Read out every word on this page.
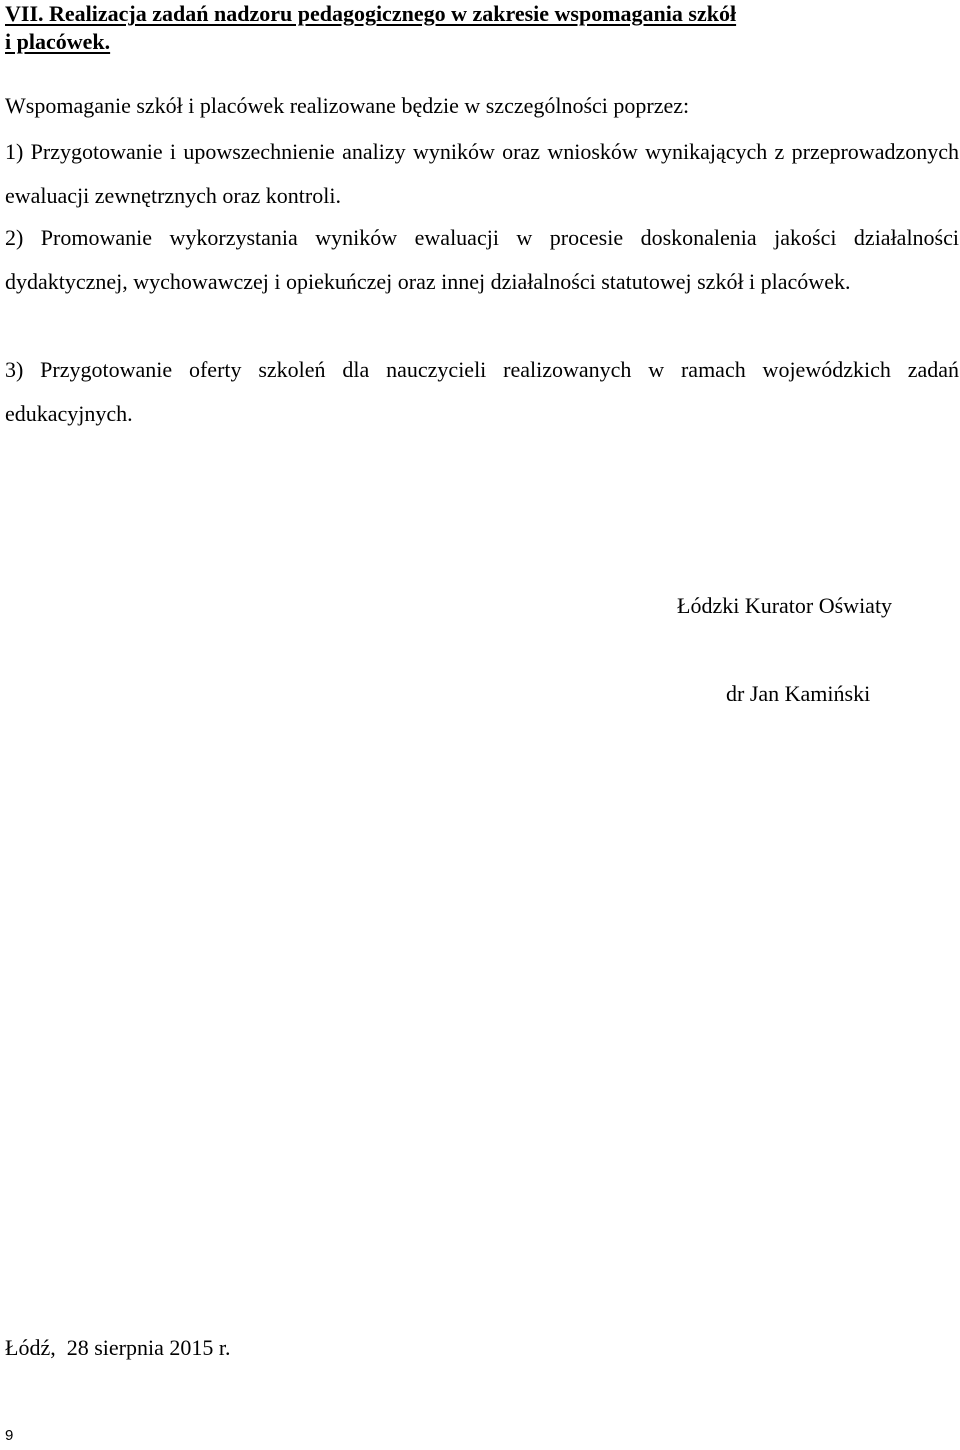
VII. Realizacja zadań nadzoru pedagogicznego w zakresie wspomagania szkół
i placówek.
Wspomaganie szkół i placówek realizowane będzie w szczególności poprzez:
1) Przygotowanie i upowszechnienie analizy wyników oraz wniosków wynikających z przeprowadzonych ewaluacji zewnętrznych oraz kontroli.
2) Promowanie wykorzystania wyników ewaluacji w procesie doskonalenia jakości działalności dydaktycznej, wychowawczej i opiekuńczej oraz innej działalności statutowej szkół i placówek.
3) Przygotowanie oferty szkoleń dla nauczycieli realizowanych w ramach wojewódzkich zadań edukacyjnych.
Łódzki Kurator Oświaty
dr Jan Kamiński
Łódź,  28 sierpnia 2015 r.
9
